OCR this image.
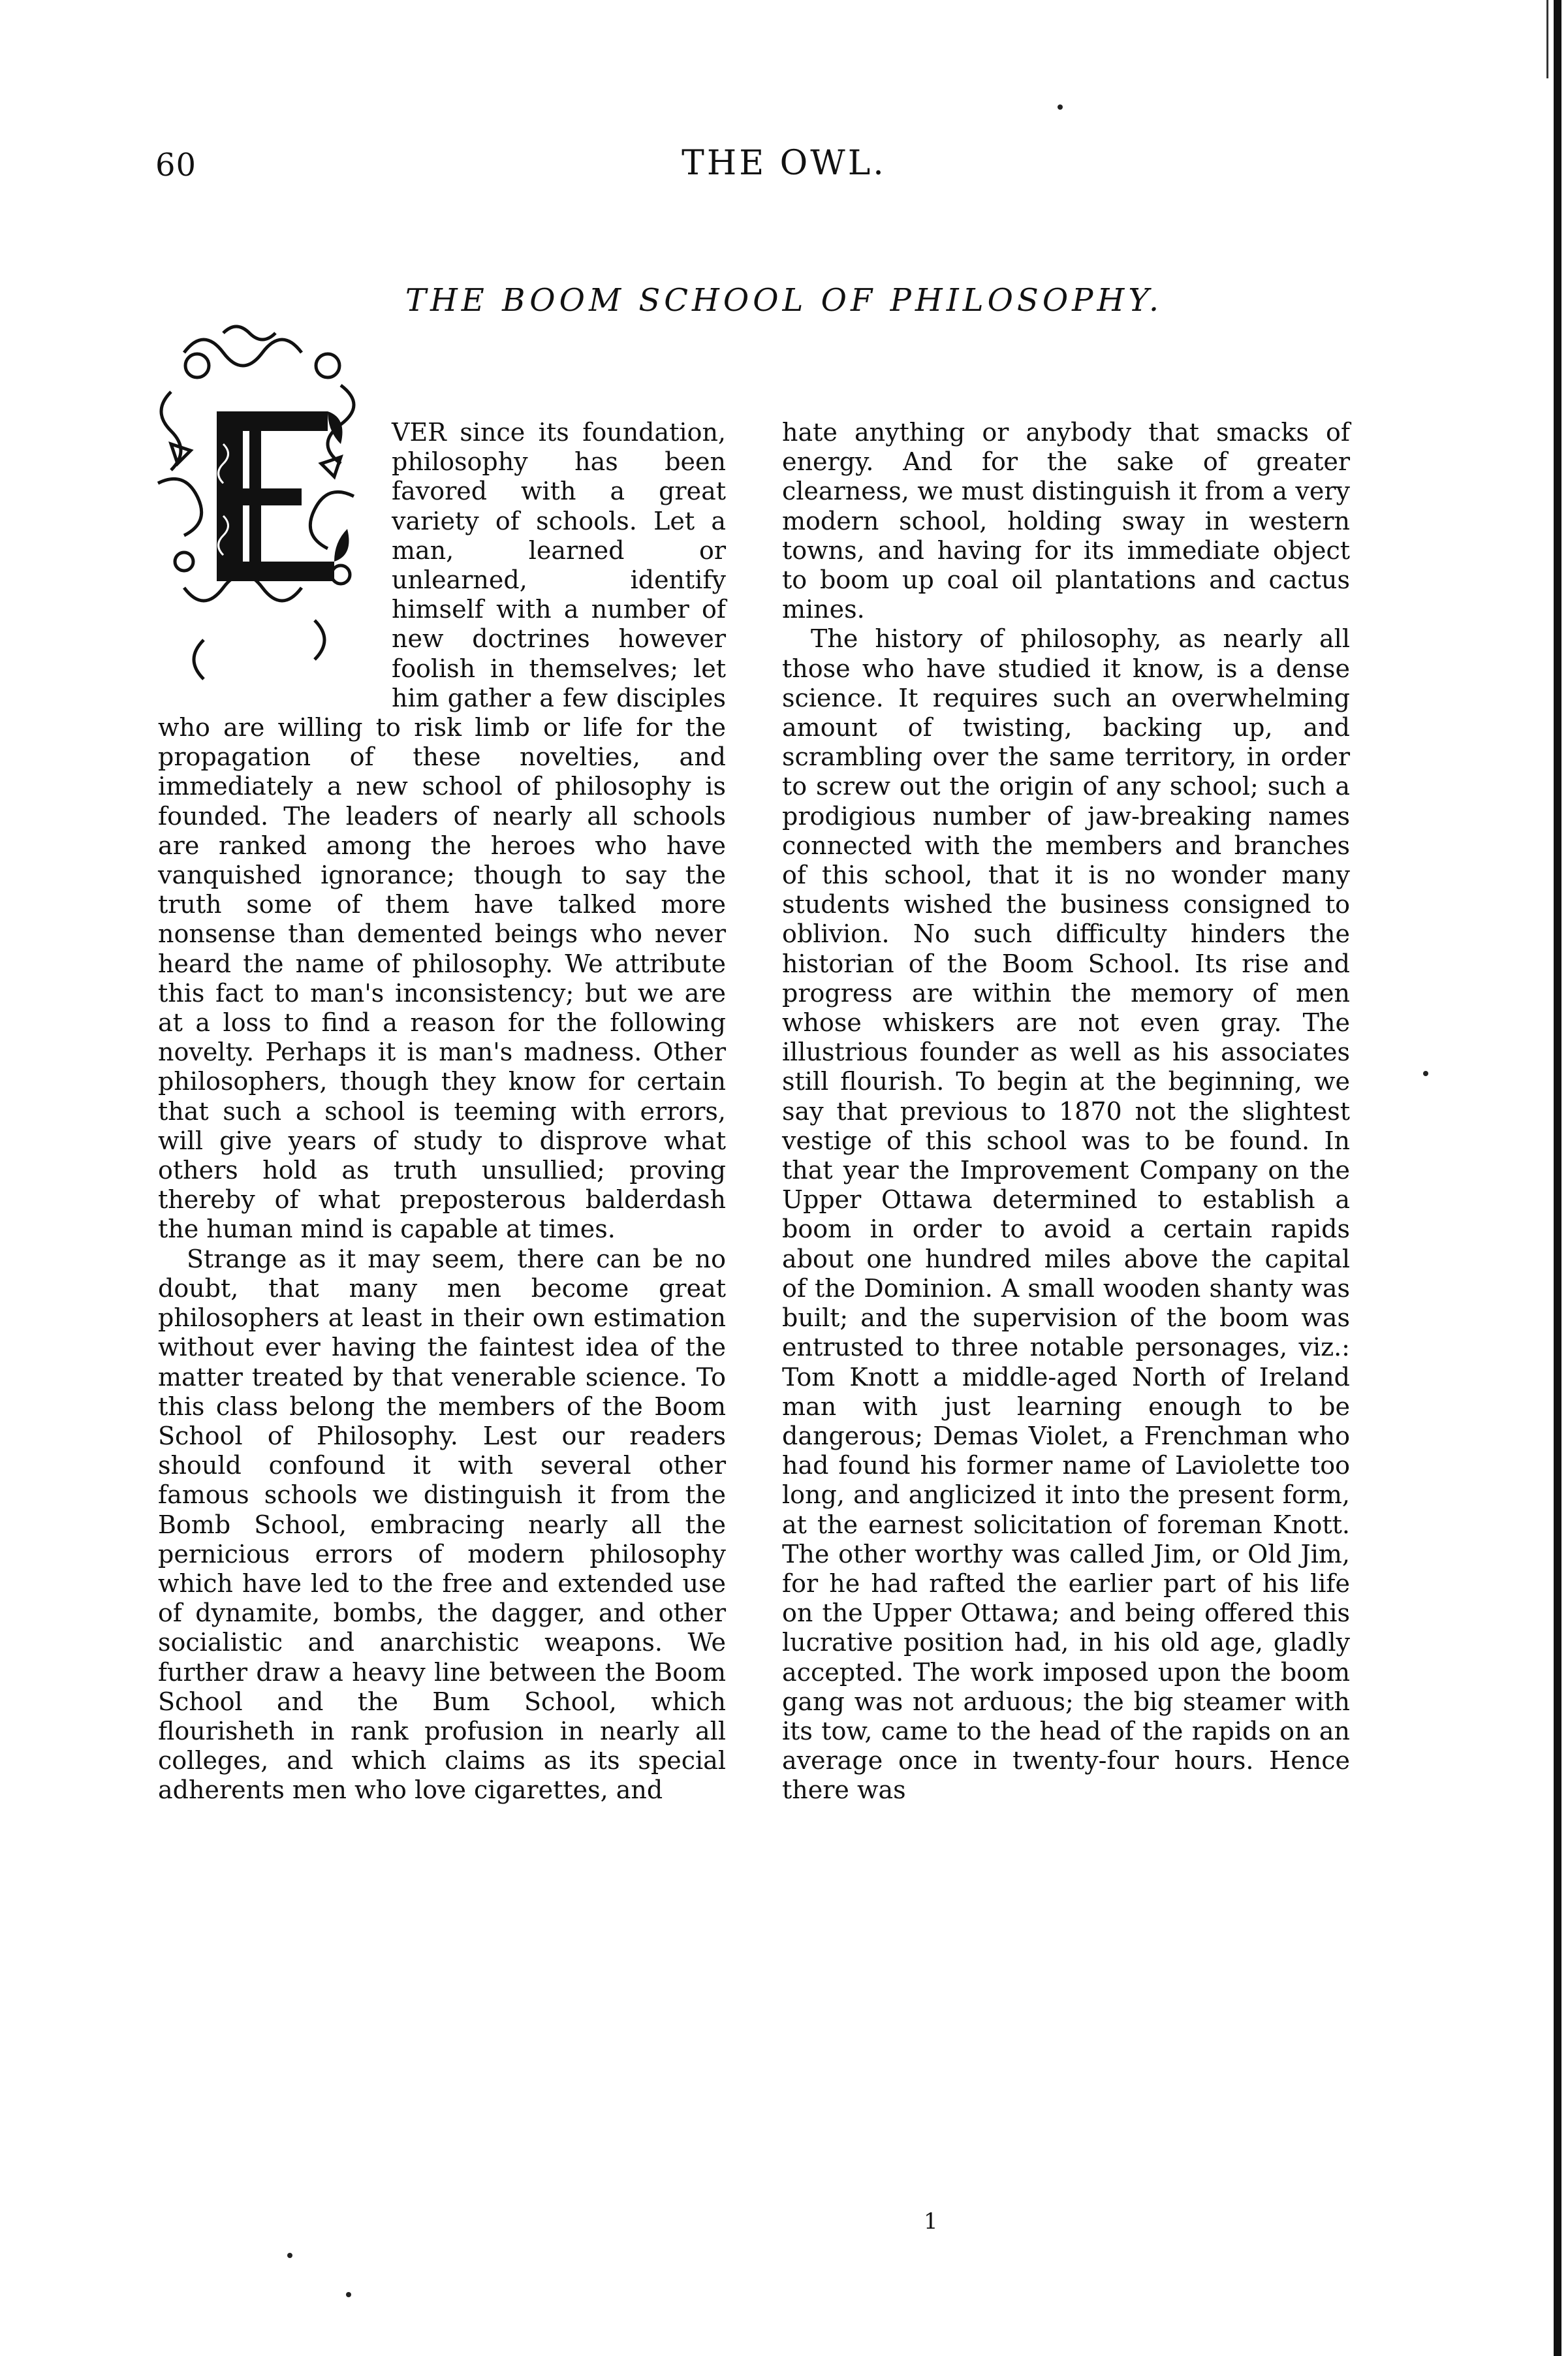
60	THE OWL.
THE BOOM SCHOOL OF PHILOSOPHY.

VER since its foundation, philosophy has been favored with a great variety of schools. Let a man, learned or unlearned, identify himself with a number of new doctrines however foolish in themselves; let him gather a few disciples who are willing to risk limb or life for the propagation of these novelties, and immediately a new school of philosophy is founded. The leaders of nearly all schools are ranked among the heroes who have vanquished ignorance; though to say the truth some of them have talked more nonsense than demented beings who never heard the name of philosophy. We attribute this fact to man's inconsistency; but we are at a loss to find a reason for the following novelty. Perhaps it is man's madness. Other philosophers, though they know for certain that such a school is teeming with errors, will give years of study to disprove what others hold as truth unsullied; proving thereby of what preposterous balderdash the human mind is capable at times.

Strange as it may seem, there can be no doubt, that many men become great philosophers at least in their own estimation without ever having the faintest idea of the matter treated by that venerable science. To this class belong the members of the Boom School of Philosophy. Lest our readers should confound it with several other famous schools we distinguish it from the Bomb School, embracing nearly all the pernicious errors of modern philosophy which have led to the free and extended use of dynamite, bombs, the dagger, and other socialistic and anarchistic weapons. We further draw a heavy line between the Boom School and the Bum School, which flourisheth in rank profusion in nearly all colleges, and which claims as its special adherents men who love cigarettes, and

hate anything or anybody that smacks of energy. And for the sake of greater clearness, we must distinguish it from a very modern school, holding sway in western towns, and having for its immediate object to boom up coal oil plantations and cactus mines.

The history of philosophy, as nearly all those who have studied it know, is a dense science. It requires such an overwhelming amount of twisting, backing up, and scrambling over the same territory, in order to screw out the origin of any school; such a prodigious number of jaw-breaking names connected with the members and branches of this school, that it is no wonder many students wished the business consigned to oblivion. No such difficulty hinders the historian of the Boom School. Its rise and progress are within the memory of men whose whiskers are not even gray. The illustrious founder as well as his associates still flourish. To begin at the beginning, we say that previous to 1870 not the slightest vestige of this school was to be found. In that year the Improvement Company on the Upper Ottawa determined to establish a boom in order to avoid a certain rapids about one hundred miles above the capital of the Dominion. A small wooden shanty was built; and the supervision of the boom was entrusted to three notable personages, viz.: Tom Knott a middle-aged North of Ireland man with just learning enough to be dangerous; Demas Violet, a Frenchman who had found his former name of Laviolette too long, and anglicized it into the present form, at the earnest solicitation of foreman Knott. The other worthy was called Jim, or Old Jim, for he had rafted the earlier part of his life on the Upper Ottawa; and being offered this lucrative position had, in his old age, gladly accepted. The work imposed upon the boom gang was not arduous; the big steamer with its tow, came to the head of the rapids on an average once in twenty-four hours. Hence there was

1
